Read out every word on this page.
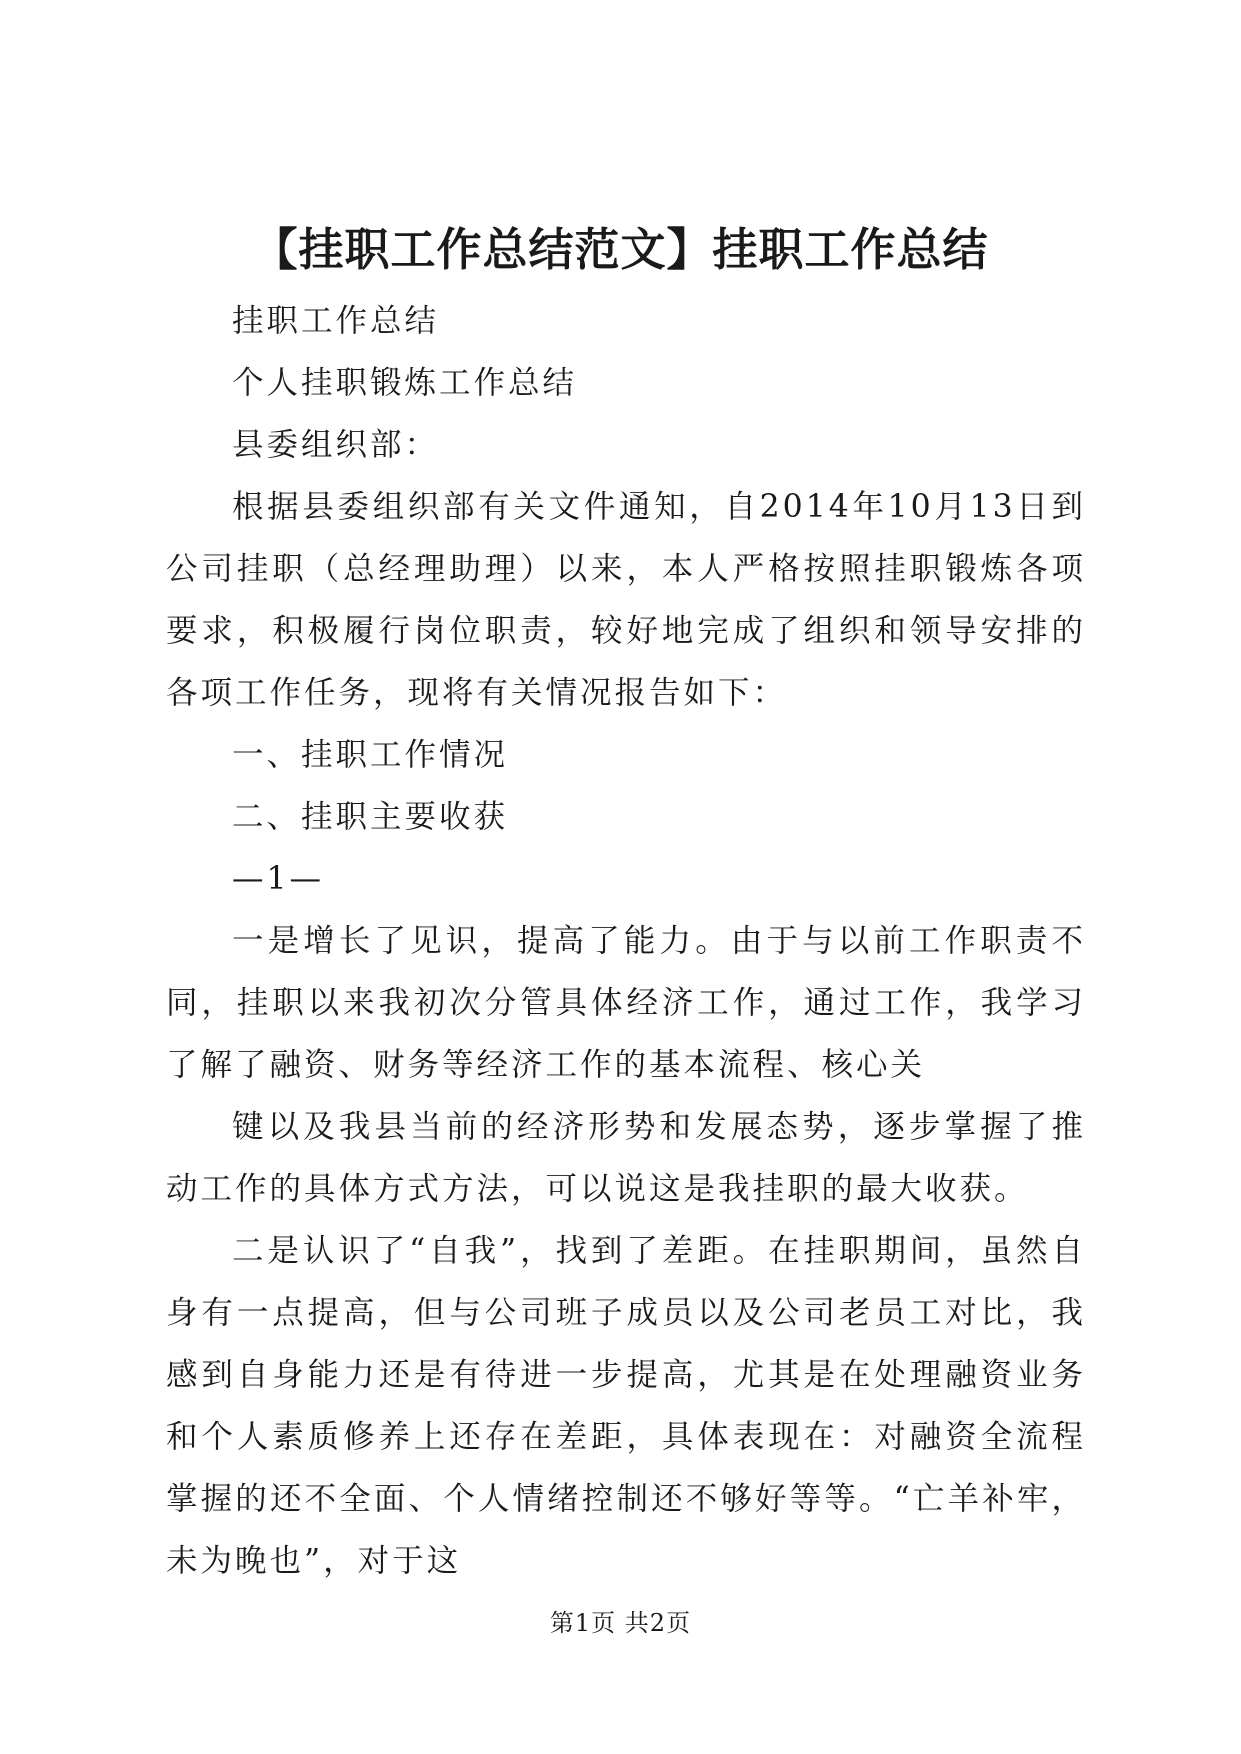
【挂职工作总结范文】挂职工作总结

挂职工作总结

个人挂职锻炼工作总结

县委组织部：

根据县委组织部有关文件通知，自2014年10月13日到公司挂职（总经理助理）以来，本人严格按照挂职锻炼各项要求，积极履行岗位职责，较好地完成了组织和领导安排的各项工作任务，现将有关情况报告如下：

一、挂职工作情况

二、挂职主要收获

—1—

一是增长了见识，提高了能力。由于与以前工作职责不同，挂职以来我初次分管具体经济工作，通过工作，我学习了解了融资、财务等经济工作的基本流程、核心关

键以及我县当前的经济形势和发展态势，逐步掌握了推动工作的具体方式方法，可以说这是我挂职的最大收获。

二是认识了“自我”，找到了差距。在挂职期间，虽然自身有一点提高，但与公司班子成员以及公司老员工对比，我感到自身能力还是有待进一步提高，尤其是在处理融资业务和个人素质修养上还存在差距，具体表现在：对融资全流程掌握的还不全面、个人情绪控制还不够好等等。“亡羊补牢，未为晚也”，对于这

第1页 共2页
